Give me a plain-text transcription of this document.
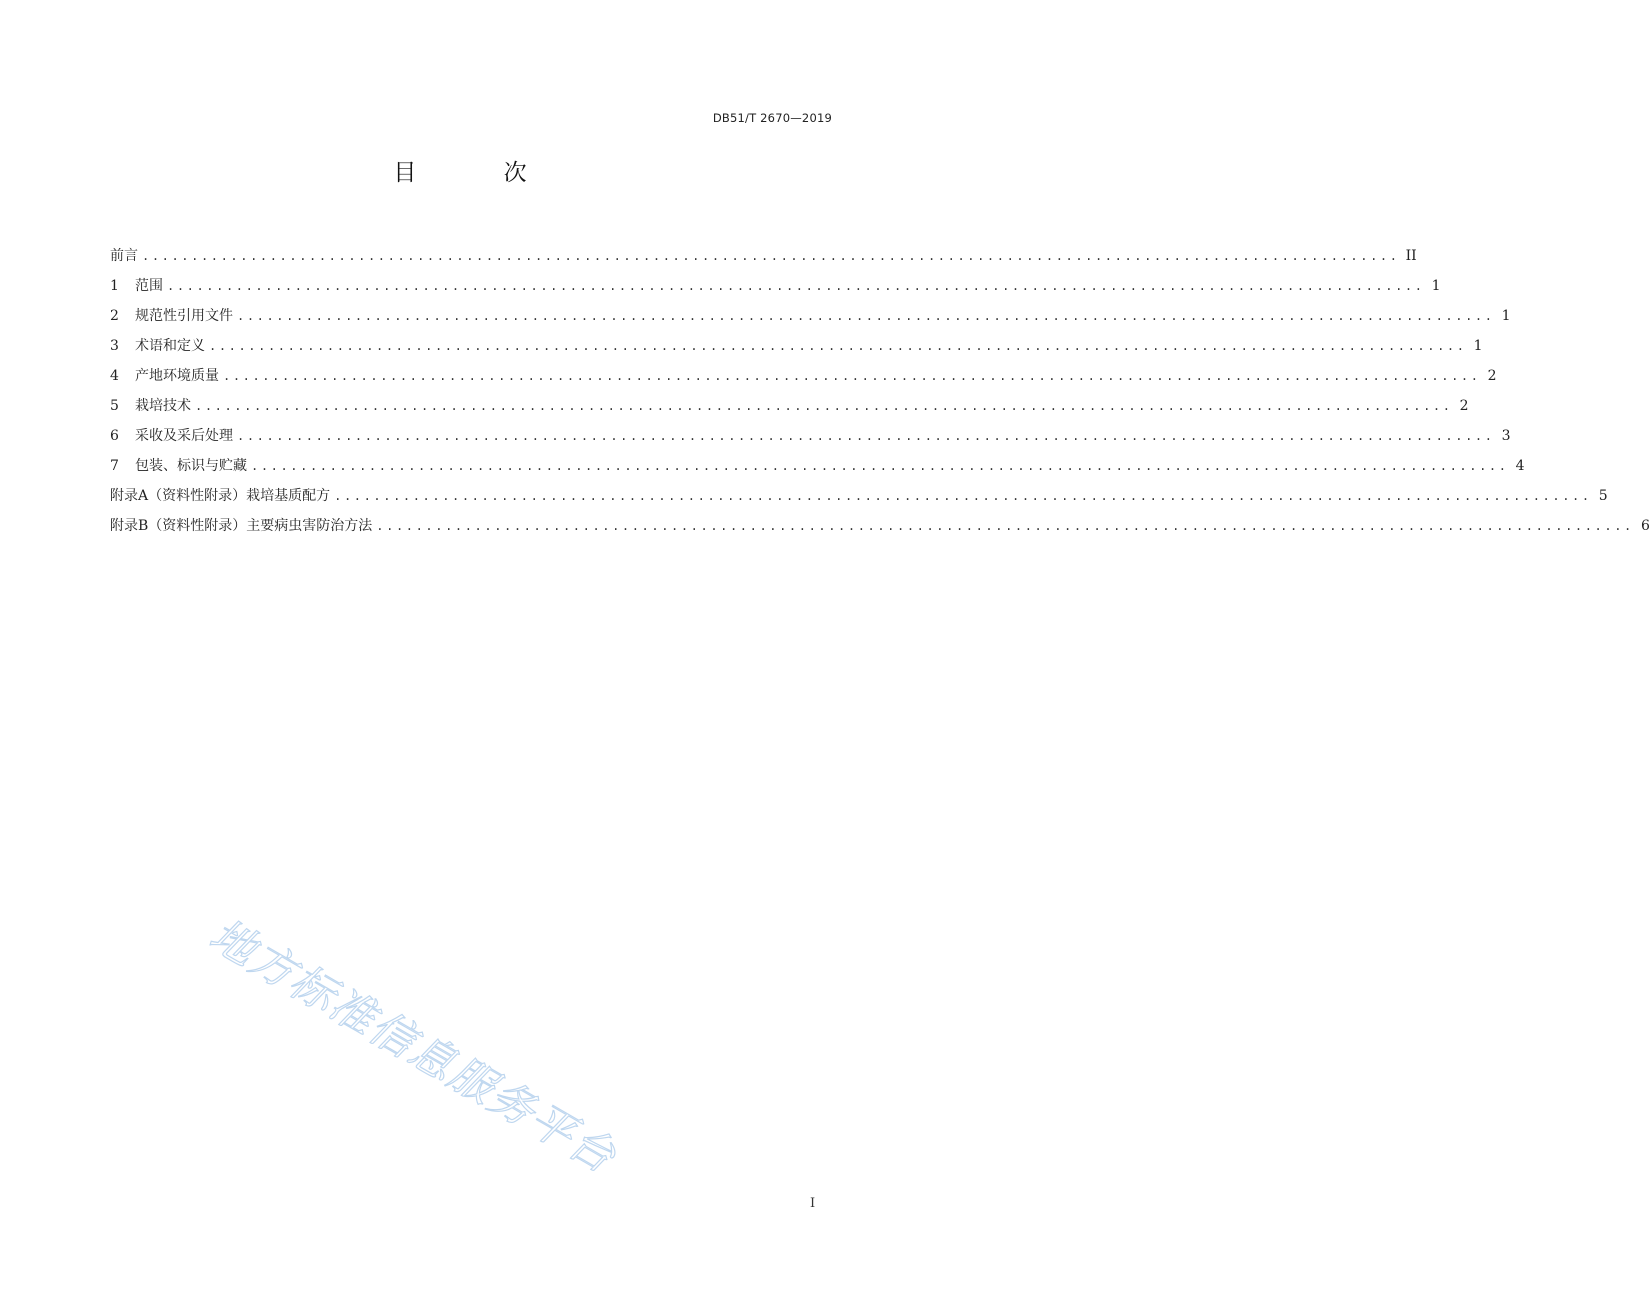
DB51/T 2670—2019
目 次
前言 ................................................................................................................................ II
1	范围 ................................................................................................................................ 1
2	规范性引用文件 ................................................................................................................................ 1
3	术语和定义 ................................................................................................................................ 1
4	产地环境质量 ................................................................................................................................ 2
5	栽培技术 ................................................................................................................................ 2
6	采收及采后处理 ................................................................................................................................ 3
7	包装、标识与贮藏 ................................................................................................................................ 4
附录A（资料性附录）栽培基质配方 ................................................................................................................................ 5
附录B（资料性附录）主要病虫害防治方法 ................................................................................................................................ 6
地方标准信息服务平台
I
